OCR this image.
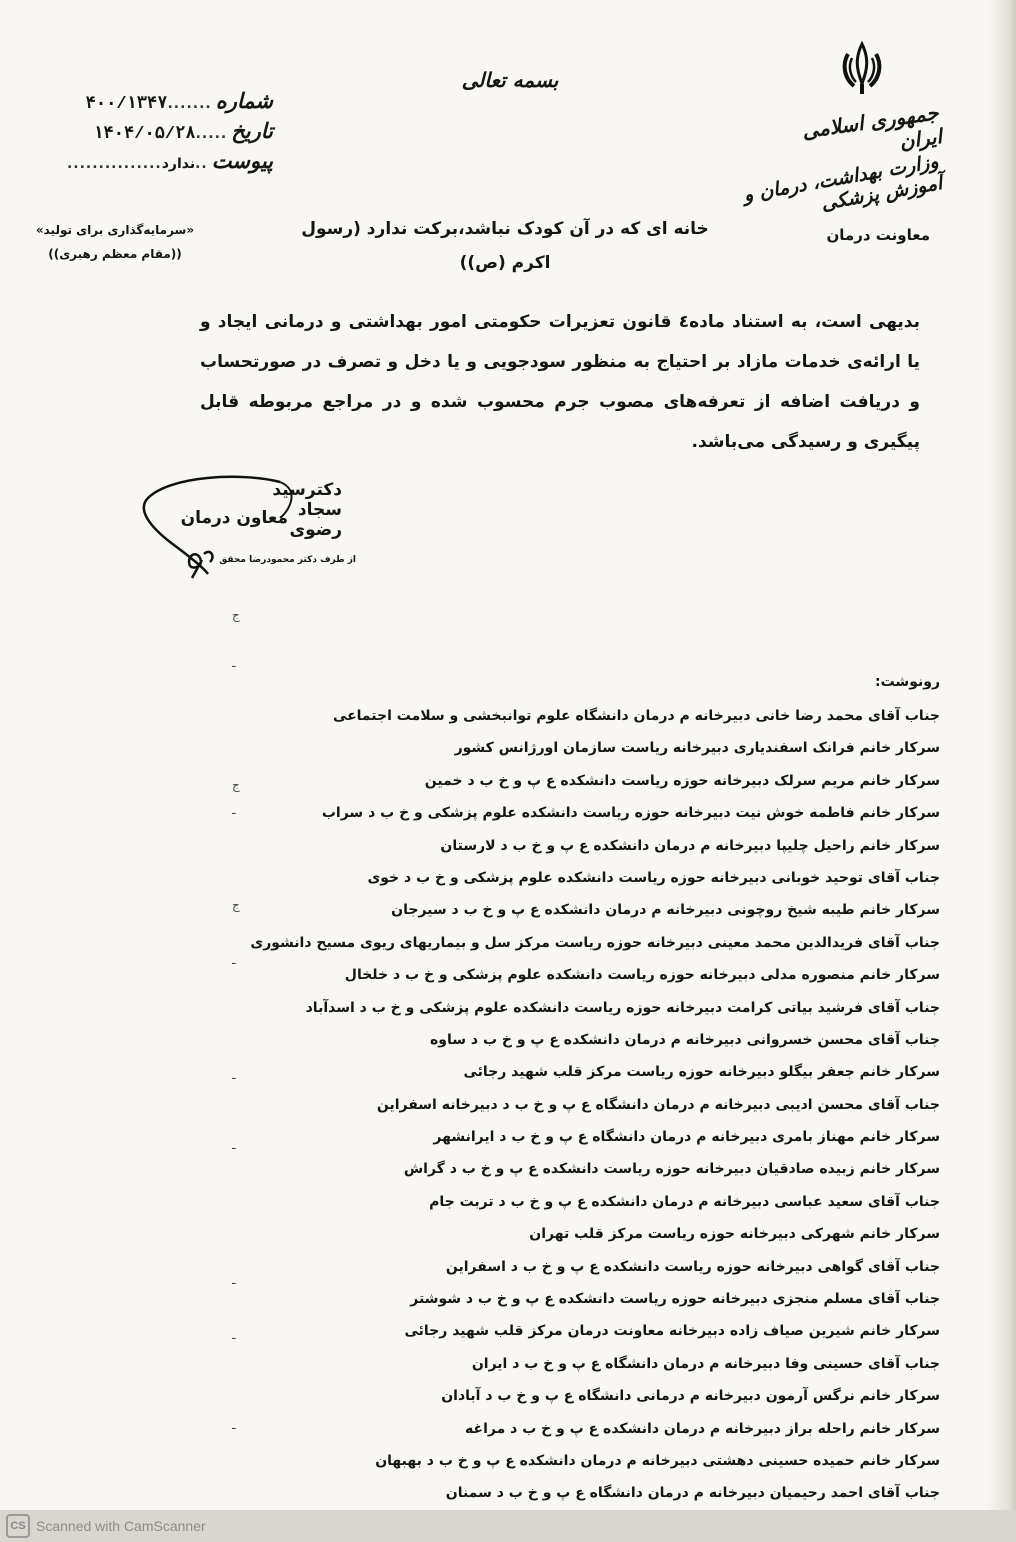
شماره
.......
۴۰۰/۱۳۴۷
تاریخ
.....
۱۴۰۴/۰۵/۲۸
پیوست
..
ندارد
...............
بسمه تعالی
جمهوری اسلامی ایران
وزارت بهداشت، درمان و آموزش پزشکی
معاونت درمان
«سرمایه‌گذاری برای تولید»
((مقام معظم رهبری))
خانه ای که در آن کودک نباشد،برکت ندارد (رسول اکرم (ص))
بدیهی است، به استناد ماده٤ قانون تعزیرات حکومتی امور بهداشتی و درمانی ایجاد و یا ارائه‌ی خدمات مازاد بر احتیاج به منظور سودجویی و یا دخل و تصرف در صورتحساب و دریافت اضافه از تعرفه‌های مصوب جرم محسوب شده و در مراجع مربوطه قابل پیگیری و رسیدگی می‌باشد.
دکترسید سجاد رضوی
معاون درمان
از طرف دکتر محمودرضا محقق
ج
ـ
ج
ـ
ج
ـ
ـ
ـ
ـ
ـ
ـ
رونوشت:
جناب آقای محمد رضا خانی دبیرخانه م درمان دانشگاه علوم توانبخشی و سلامت اجتماعی
سرکار خانم فرانک اسفندیاری دبیرخانه ریاست سازمان اورژانس کشور
سرکار خانم مریم سرلک دبیرخانه حوزه ریاست دانشکده ع پ و خ ب د خمین
سرکار خانم فاطمه خوش نیت دبیرخانه حوزه ریاست دانشکده علوم پزشکی و خ ب د سراب
سرکار خانم راحیل چلیپا دبیرخانه م درمان دانشکده ع پ و خ ب د لارستان
جناب آقای توحید خوبانی دبیرخانه حوزه ریاست دانشکده علوم پزشکی و خ ب د خوی
سرکار خانم طیبه شیخ روچونی دبیرخانه م درمان دانشکده ع پ و خ ب د سیرجان
جناب آقای فریدالدین محمد معینی دبیرخانه حوزه ریاست مرکز سل و بیماریهای ریوی مسیح دانشوری
سرکار خانم منصوره مدلی دبیرخانه حوزه ریاست دانشکده علوم پزشکی و خ ب د خلخال
جناب آقای فرشید بیاتی کرامت دبیرخانه حوزه ریاست دانشکده علوم پزشکی و خ ب د اسدآباد
جناب آقای محسن خسروانی دبیرخانه م درمان دانشکده ع پ و خ ب د ساوه
سرکار خانم جعفر بیگلو دبیرخانه حوزه ریاست مرکز قلب شهید رجائی
جناب آقای محسن ادیبی دبیرخانه م درمان دانشگاه ع پ و خ ب د دبیرخانه اسفراین
سرکار خانم مهناز بامری دبیرخانه م درمان دانشگاه ع پ و خ ب د ایرانشهر
سرکار خانم زبیده صادقیان دبیرخانه حوزه ریاست دانشکده ع پ و خ ب د گراش
جناب آقای سعید عباسی دبیرخانه م درمان دانشکده ع پ و خ ب د تربت جام
سرکار خانم شهرکی دبیرخانه حوزه ریاست مرکز قلب تهران
جناب آقای گواهی دبیرخانه حوزه ریاست دانشکده ع پ و خ ب د اسفراین
جناب آقای مسلم منجزی دبیرخانه حوزه ریاست دانشکده ع پ و خ ب د شوشتر
سرکار خانم شیرین صیاف زاده دبیرخانه معاونت درمان مرکز قلب شهید رجائی
جناب آقای حسینی وفا دبیرخانه م درمان دانشگاه ع پ و خ ب د ایران
سرکار خانم نرگس آرمون دبیرخانه م درمانی دانشگاه ع پ و خ ب د آبادان
سرکار خانم راحله براز دبیرخانه م درمان دانشکده ع پ و خ ب د مراغه
سرکار خانم حمیده حسینی دهشتی دبیرخانه م درمان دانشکده ع پ و خ ب د بهبهان
جناب آقای احمد رحیمیان دبیرخانه م درمان دانشگاه ع پ و خ ب د سمنان
CS Scanned with CamScanner
